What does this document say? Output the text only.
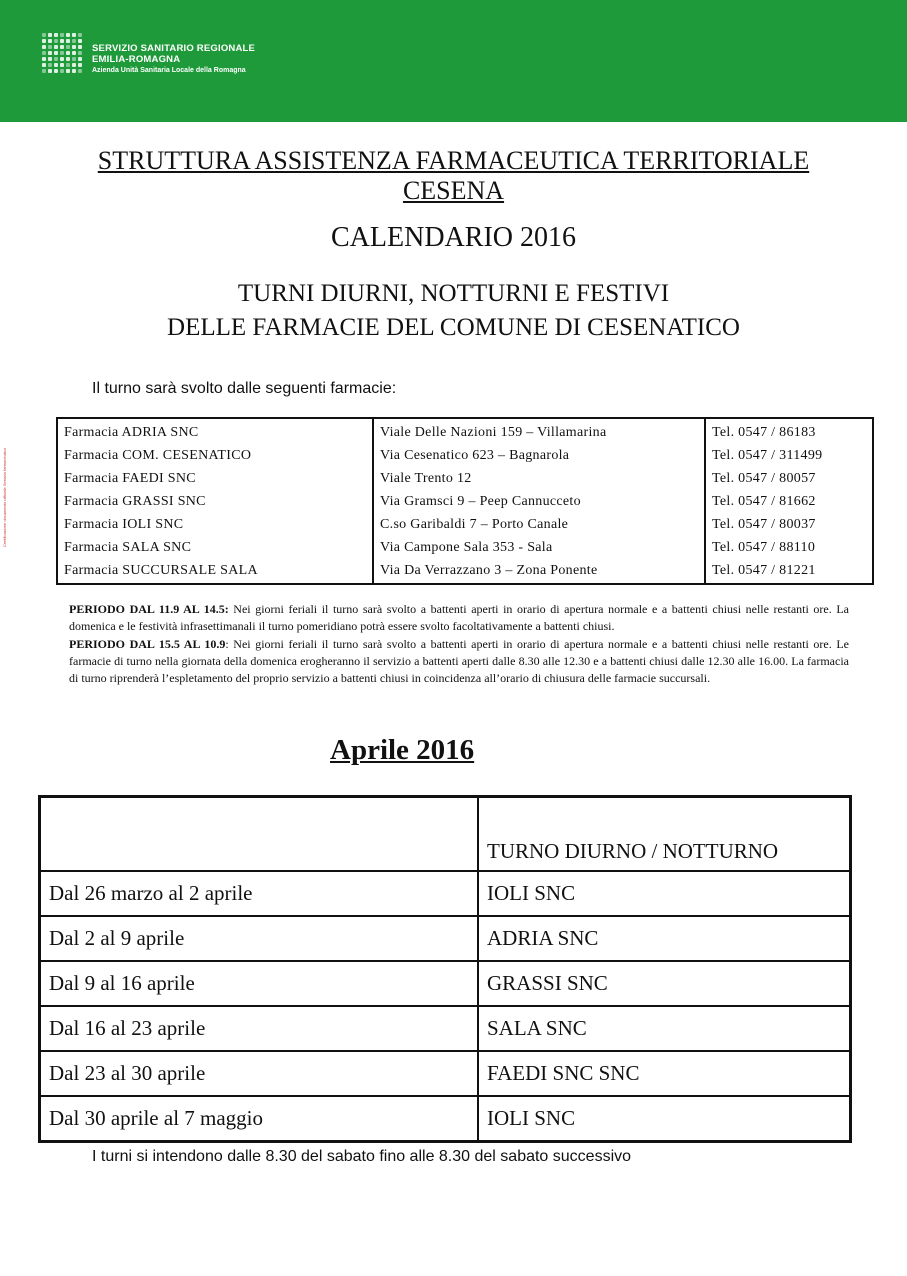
SERVIZIO SANITARIO REGIONALE
EMILIA-ROMAGNA
Azienda Unità Sanitaria Locale della Romagna
Certificazione documento ufficiale Servizio farmaceutico
STRUTTURA ASSISTENZA FARMACEUTICA TERRITORIALE
CESENA
CALENDARIO 2016
TURNI DIURNI, NOTTURNI E FESTIVI
DELLE FARMACIE DEL COMUNE DI CESENATICO
Il turno sarà svolto dalle seguenti farmacie:
Farmacia ADRIA SNC	Viale Delle Nazioni 159 – Villamarina	Tel. 0547 / 86183
Farmacia COM. CESENATICO	Via Cesenatico 623 – Bagnarola	Tel. 0547 / 311499
Farmacia FAEDI SNC	Viale Trento 12	Tel. 0547 / 80057
Farmacia GRASSI SNC	Via Gramsci 9 – Peep Cannucceto	Tel. 0547 / 81662
Farmacia IOLI SNC	C.so Garibaldi 7 – Porto Canale	Tel. 0547 / 80037
Farmacia SALA SNC	Via Campone Sala 353 - Sala	Tel. 0547 / 88110
Farmacia SUCCURSALE SALA	Via Da Verrazzano 3 – Zona Ponente	Tel. 0547 / 81221
PERIODO DAL 11.9 AL 14.5: Nei giorni feriali il turno sarà svolto a battenti aperti in orario di apertura normale e a battenti chiusi nelle restanti ore. La domenica e le festività infrasettimanali il turno pomeridiano potrà essere svolto facoltativamente a battenti chiusi.
PERIODO DAL 15.5 AL 10.9: Nei giorni feriali il turno sarà svolto a battenti aperti in orario di apertura normale e a battenti chiusi nelle restanti ore. Le farmacie di turno nella giornata della domenica erogheranno il servizio a battenti aperti dalle 8.30 alle 12.30 e a battenti chiusi dalle 12.30 alle 16.00. La farmacia di turno riprenderà l’espletamento del proprio servizio a battenti chiusi in coincidenza all’orario di chiusura delle farmacie succursali.
Aprile 2016
	TURNO DIURNO / NOTTURNO
Dal 26 marzo al 2 aprile	IOLI SNC
Dal 2 al 9 aprile	ADRIA SNC
Dal 9 al 16 aprile	GRASSI SNC
Dal 16 al 23 aprile	SALA SNC
Dal 23 al 30 aprile	FAEDI SNC SNC
Dal 30 aprile al 7 maggio	IOLI SNC
I turni si intendono dalle 8.30 del sabato fino alle 8.30 del sabato successivo
